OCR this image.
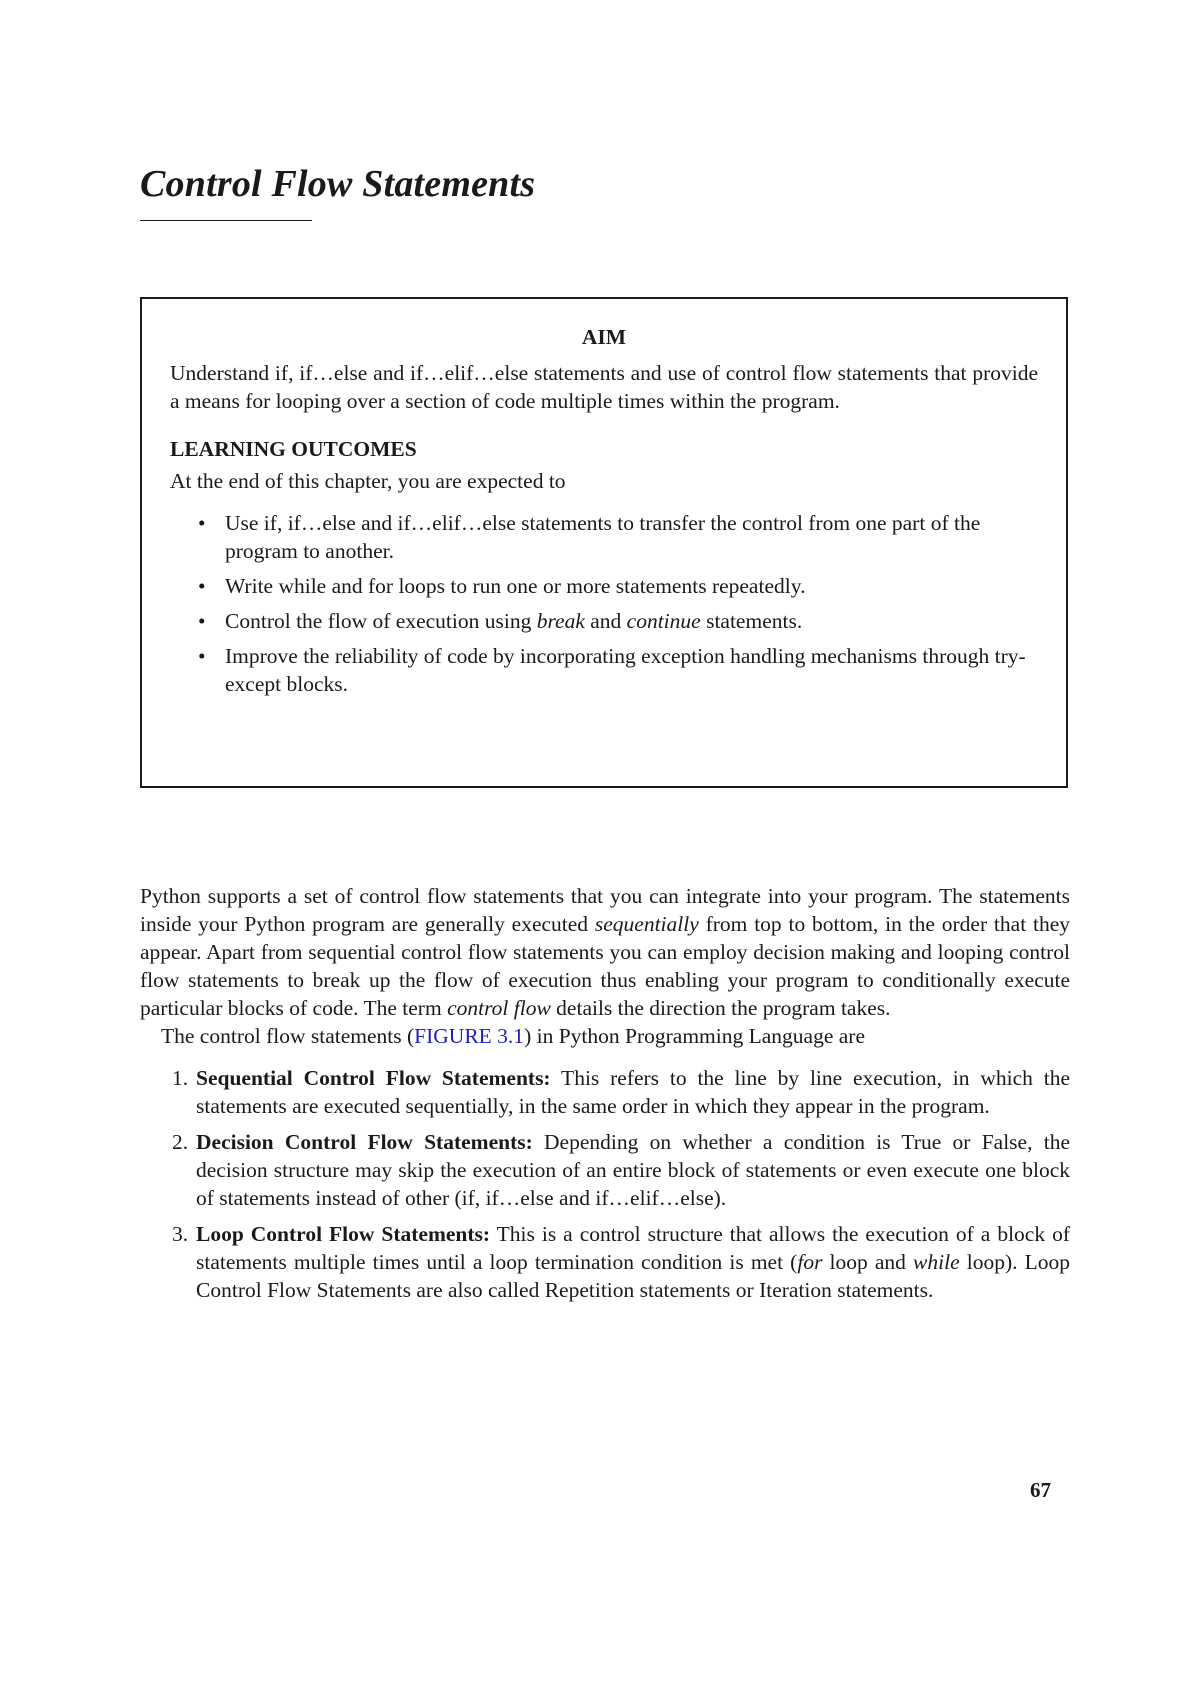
Control Flow Statements
AIM

Understand if, if…else and if…elif…else statements and use of control flow statements that provide a means for looping over a section of code multiple times within the program.

LEARNING OUTCOMES

At the end of this chapter, you are expected to

• Use if, if…else and if…elif…else statements to transfer the control from one part of the program to another.
• Write while and for loops to run one or more statements repeatedly.
• Control the flow of execution using break and continue statements.
• Improve the reliability of code by incorporating exception handling mechanisms through try-except blocks.

Python supports a set of control flow statements that you can integrate into your program. The statements inside your Python program are generally executed sequentially from top to bottom, in the order that they appear. Apart from sequential control flow statements you can employ decision making and looping control flow statements to break up the flow of execution thus enabling your program to conditionally execute particular blocks of code. The term control flow details the direction the program takes.

The control flow statements (FIGURE 3.1) in Python Programming Language are

1. Sequential Control Flow Statements: This refers to the line by line execution, in which the statements are executed sequentially, in the same order in which they appear in the program.
2. Decision Control Flow Statements: Depending on whether a condition is True or False, the decision structure may skip the execution of an entire block of statements or even execute one block of statements instead of other (if, if…else and if…elif…else).
3. Loop Control Flow Statements: This is a control structure that allows the execution of a block of statements multiple times until a loop termination condition is met (for loop and while loop). Loop Control Flow Statements are also called Repetition statements or Iteration statements.
67
